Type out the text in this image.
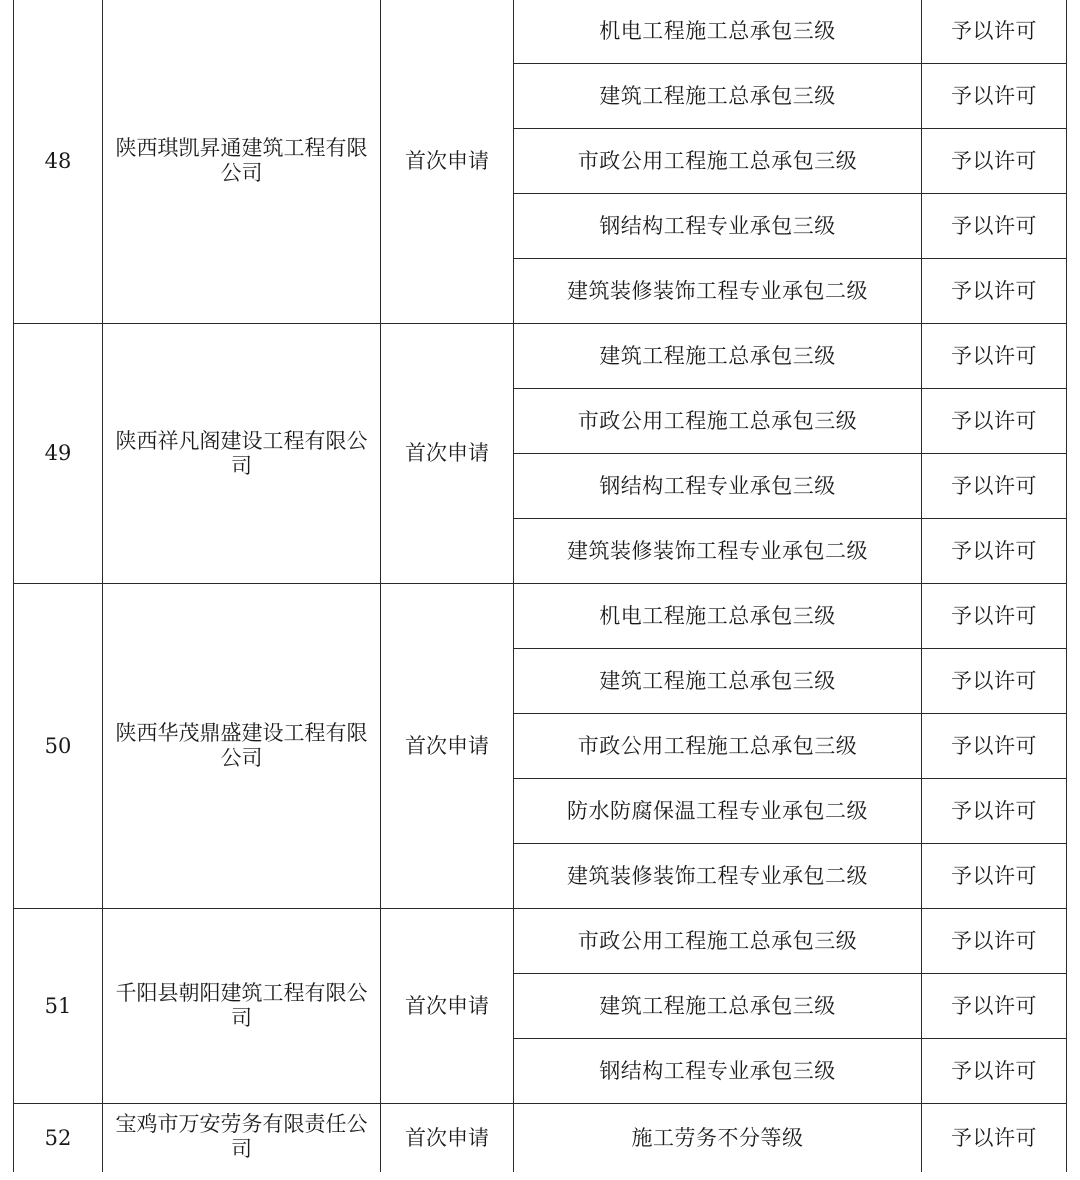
48	陕西琪凯昇通建筑工程有限公司	首次申请	机电工程施工总承包三级	予以许可
			建筑工程施工总承包三级	予以许可
			市政公用工程施工总承包三级	予以许可
			钢结构工程专业承包三级	予以许可
			建筑装修装饰工程专业承包二级	予以许可
49	陕西祥凡阁建设工程有限公司	首次申请	建筑工程施工总承包三级	予以许可
			市政公用工程施工总承包三级	予以许可
			钢结构工程专业承包三级	予以许可
			建筑装修装饰工程专业承包二级	予以许可
50	陕西华茂鼎盛建设工程有限公司	首次申请	机电工程施工总承包三级	予以许可
			建筑工程施工总承包三级	予以许可
			市政公用工程施工总承包三级	予以许可
			防水防腐保温工程专业承包二级	予以许可
			建筑装修装饰工程专业承包二级	予以许可
51	千阳县朝阳建筑工程有限公司	首次申请	市政公用工程施工总承包三级	予以许可
			建筑工程施工总承包三级	予以许可
			钢结构工程专业承包三级	予以许可
52	宝鸡市万安劳务有限责任公司	首次申请	施工劳务不分等级	予以许可
